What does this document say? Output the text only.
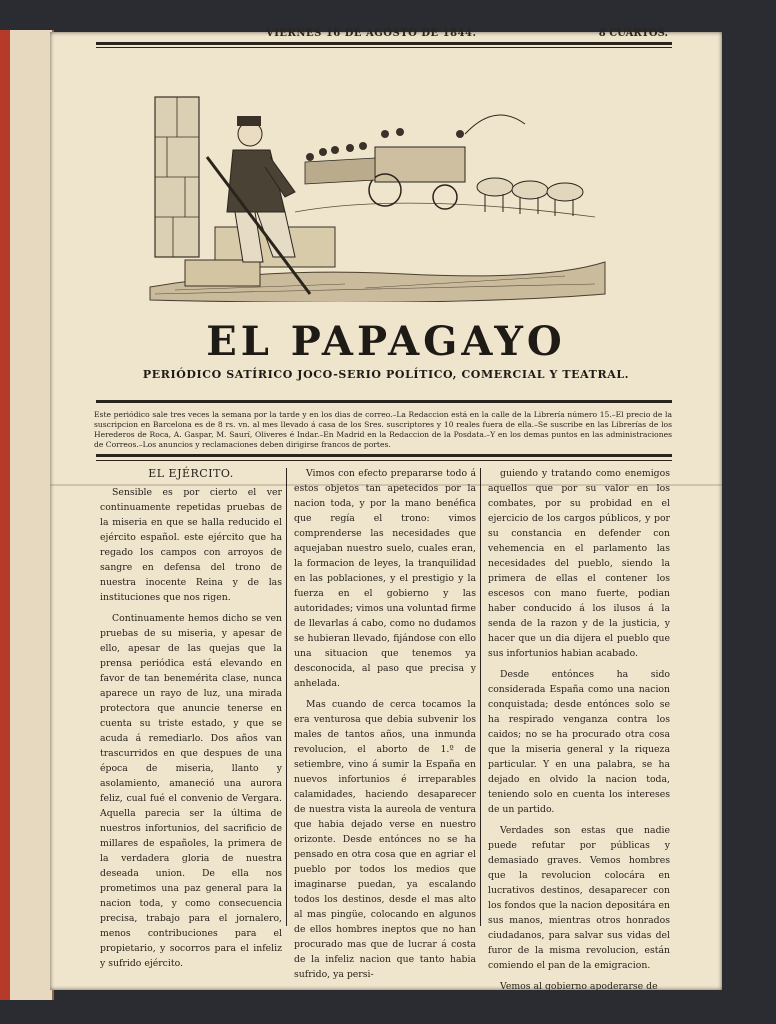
VIERNES 16 DE AGOSTO DE 1844.	8 CUARTOS.
EL PAPAGAYO
PERIÓDICO SATÍRICO JOCO-SERIO POLÍTICO, COMERCIAL Y TEATRAL.
Este periódico sale tres veces la semana por la tarde y en los dias de correo.–La Redaccion está en la calle de la Librería número 15.–El precio de la suscripcion en Barcelona es de 8 rs. vn. al mes llevado á casa de los Sres. suscriptores y 10 reales fuera de ella.–Se suscribe en las Librerías de los Herederos de Roca, A. Gaspar, M. Saurí, Oliveres é Indar.–En Madrid en la Redaccion de la Posdata.–Y en los demas puntos en las administraciones de Correos.–Los anuncios y reclamaciones deben dirigirse francos de portes.
EL EJÉRCITO.

Sensible es por cierto el ver continuamente repetidas pruebas de la miseria en que se halla reducido el ejército español. este ejército que ha regado los campos con arroyos de sangre en defensa del trono de nuestra inocente Reina y de las instituciones que nos rigen.

Continuamente hemos dicho se ven pruebas de su miseria, y apesar de ello, apesar de las quejas que la prensa periódica está elevando en favor de tan benemérita clase, nunca aparece un rayo de luz, una mirada protectora que anuncie tenerse en cuenta su triste estado, y que se acuda á remediarlo. Dos años van trascurridos en que despues de una época de miseria, llanto y asolamiento, amaneció una aurora feliz, cual fué el convenio de Vergara. Aquella parecia ser la última de nuestros infortunios, del sacrificio de millares de españoles, la primera de la verdadera gloria de nuestra deseada union. De ella nos prometimos una paz general para la nacion toda, y como consecuencia precisa, trabajo para el jornalero, menos contribuciones para el propietario, y socorros para el infeliz y sufrido ejército.

Vimos con efecto prepararse todo á estos objetos tan apetecidos por la nacion toda, y por la mano benéfica que regía el trono: vimos comprenderse las necesidades que aquejaban nuestro suelo, cuales eran, la formacion de leyes, la tranquilidad en las poblaciones, y el prestigio y la fuerza en el gobierno y las autoridades; vimos una voluntad firme de llevarlas á cabo, como no dudamos se hubieran llevado, fijándose con ello una situacion que tenemos ya desconocida, al paso que precisa y anhelada.

Mas cuando de cerca tocamos la era venturosa que debia subvenir los males de tantos años, una inmunda revolucion, el aborto de 1.º de setiembre, vino á sumir la España en nuevos infortunios é irreparables calamidades, haciendo desaparecer de nuestra vista la aureola de ventura que habia dejado verse en nuestro orizonte. Desde entónces no se ha pensado en otra cosa que en agriar el pueblo por todos los medios que imaginarse puedan, ya escalando todos los destinos, desde el mas alto al mas pingüe, colocando en algunos de ellos hombres ineptos que no han procurado mas que de lucrar á costa de la infeliz nacion que tanto habia sufrido, ya persi-

guiendo y tratando como enemigos aquellos que por su valor en los combates, por su probidad en el ejercicio de los cargos públicos, y por su constancia en defender con vehemencia en el parlamento las necesidades del pueblo, siendo la primera de ellas el contener los escesos con mano fuerte, podian haber conducido á los ilusos á la senda de la razon y de la justicia, y hacer que un dia dijera el pueblo que sus infortunios habian acabado.

Desde entónces ha sido considerada España como una nacion conquistada; desde entónces solo se ha respirado venganza contra los caidos; no se ha procurado otra cosa que la miseria general y la riqueza particular. Y en una palabra, se ha dejado en olvido la nacion toda, teniendo solo en cuenta los intereses de un partido.

Verdades son estas que nadie puede refutar por públicas y demasiado graves. Vemos hombres que la revolucion colocára en lucrativos destinos, desaparecer con los fondos que la nacion depositára en sus manos, mientras otros honrados ciudadanos, para salvar sus vidas del furor de la misma revolucion, están comiendo el pan de la emigracion.

Vemos al gobierno apoderarse de
